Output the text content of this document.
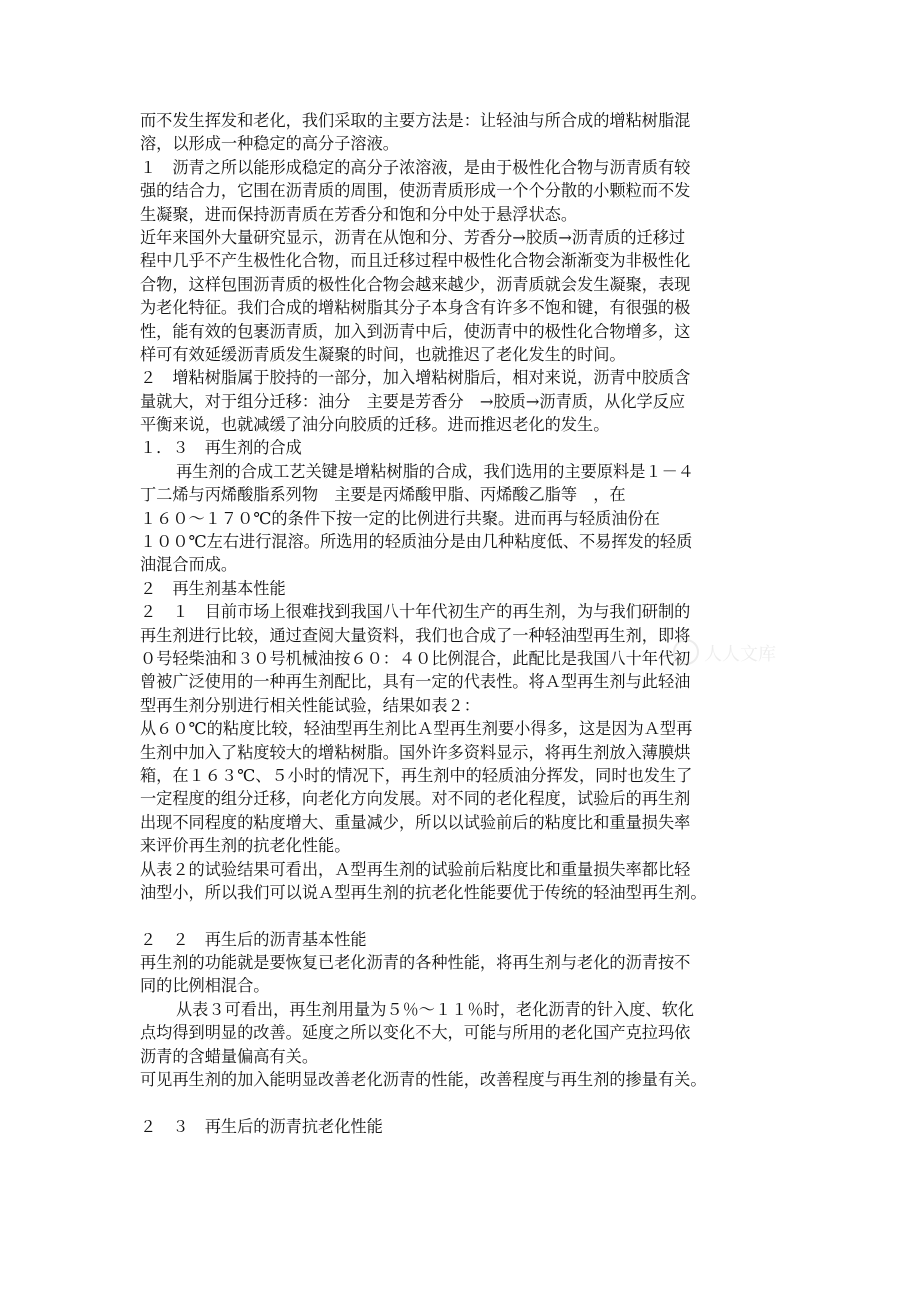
而不发生挥发和老化，我们采取的主要方法是：让轻油与所合成的增粘树脂混
溶，以形成一种稳定的高分子溶液。
１　沥青之所以能形成稳定的高分子浓溶液，是由于极性化合物与沥青质有较
强的结合力，它围在沥青质的周围，使沥青质形成一个个分散的小颗粒而不发
生凝聚，进而保持沥青质在芳香分和饱和分中处于悬浮状态。
近年来国外大量研究显示，沥青在从饱和分、芳香分→胶质→沥青质的迁移过
程中几乎不产生极性化合物，而且迁移过程中极性化合物会渐渐变为非极性化
合物，这样包围沥青质的极性化合物会越来越少，沥青质就会发生凝聚，表现
为老化特征。我们合成的增粘树脂其分子本身含有许多不饱和键，有很强的极
性，能有效的包裹沥青质，加入到沥青中后，使沥青中的极性化合物增多，这
样可有效延缓沥青质发生凝聚的时间，也就推迟了老化发生的时间。
２　增粘树脂属于胶持的一部分，加入增粘树脂后，相对来说，沥青中胶质含
量就大，对于组分迁移：油分　主要是芳香分　→胶质→沥青质，从化学反应
平衡来说，也就减缓了油分向胶质的迁移。进而推迟老化的发生。
１．３　再生剂的合成
再生剂的合成工艺关键是增粘树脂的合成，我们选用的主要原料是１－４
丁二烯与丙烯酸脂系列物　主要是丙烯酸甲脂、丙烯酸乙脂等　，在
１６０～１７０℃的条件下按一定的比例进行共聚。进而再与轻质油份在
１００℃左右进行混溶。所选用的轻质油分是由几种粘度低、不易挥发的轻质
油混合而成。
２　再生剂基本性能
２　１　目前市场上很难找到我国八十年代初生产的再生剂，为与我们研制的
再生剂进行比较，通过查阅大量资料，我们也合成了一种轻油型再生剂，即将
０号轻柴油和３０号机械油按６０：４０比例混合，此配比是我国八十年代初
曾被广泛使用的一种再生剂配比，具有一定的代表性。将Ａ型再生剂与此轻油
型再生剂分别进行相关性能试验，结果如表２：
从６０℃的粘度比较，轻油型再生剂比Ａ型再生剂要小得多，这是因为Ａ型再
生剂中加入了粘度较大的增粘树脂。国外许多资料显示，将再生剂放入薄膜烘
箱，在１６３℃、５小时的情况下，再生剂中的轻质油分挥发，同时也发生了
一定程度的组分迁移，向老化方向发展。对不同的老化程度，试验后的再生剂
出现不同程度的粘度增大、重量减少，所以以试验前后的粘度比和重量损失率
来评价再生剂的抗老化性能。
从表２的试验结果可看出，Ａ型再生剂的试验前后粘度比和重量损失率都比轻
油型小，所以我们可以说Ａ型再生剂的抗老化性能要优于传统的轻油型再生剂。
２　２　再生后的沥青基本性能
再生剂的功能就是要恢复已老化沥青的各种性能，将再生剂与老化的沥青按不
同的比例相混合。
从表３可看出，再生剂用量为５％～１１％时，老化沥青的针入度、软化
点均得到明显的改善。延度之所以变化不大，可能与所用的老化国产克拉玛依
沥青的含蜡量偏高有关。
可见再生剂的加入能明显改善老化沥青的性能，改善程度与再生剂的掺量有关。
２　３　再生后的沥青抗老化性能
人人文库
